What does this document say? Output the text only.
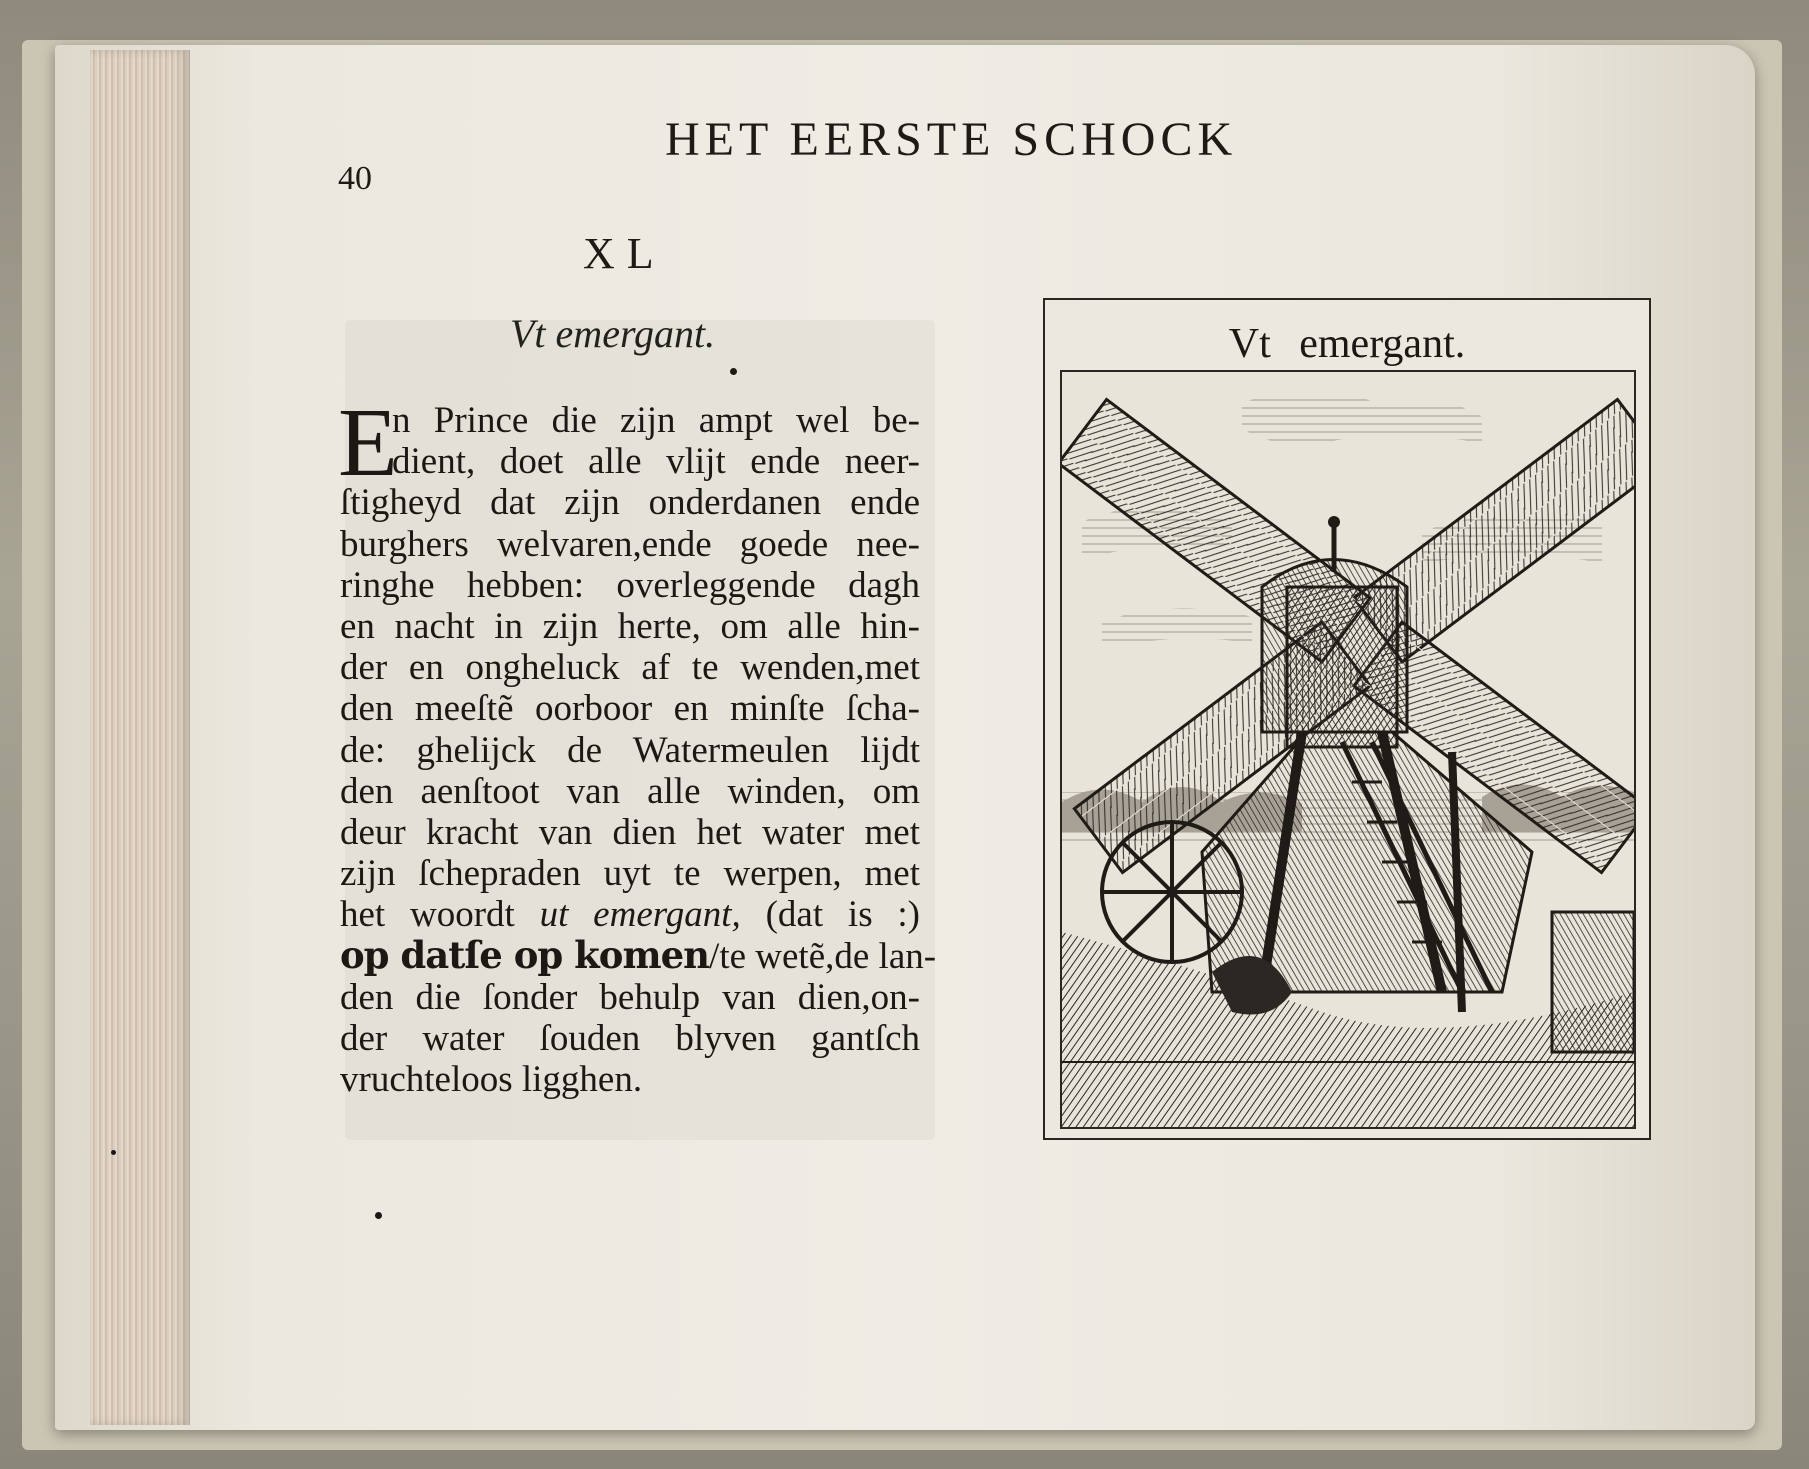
HET EERSTE SCHOCK
40
XL
Vt emergant.
E
n Prince die zijn ampt wel be-
dient, doet alle vlijt ende neer-
ſtigheyd dat zijn onderdanen ende
burghers welvaren,ende goede nee-
ringhe hebben: overleggende dagh
en nacht in zijn herte, om alle hin-
der en ongheluck af te wenden,met
den meeſtẽ oorboor en minſte ſcha-
de: ghelijck de Watermeulen lijdt
den aenſtoot van alle winden, om
deur kracht van dien het water met
zijn ſchepraden uyt te werpen, met
het woordt ut emergant, (dat is :)
op datſe op komen/te wetẽ,de lan-
den die ſonder behulp van dien,on-
der water ſouden blyven gantſch
vruchteloos ligghen.
Vt emergant.
